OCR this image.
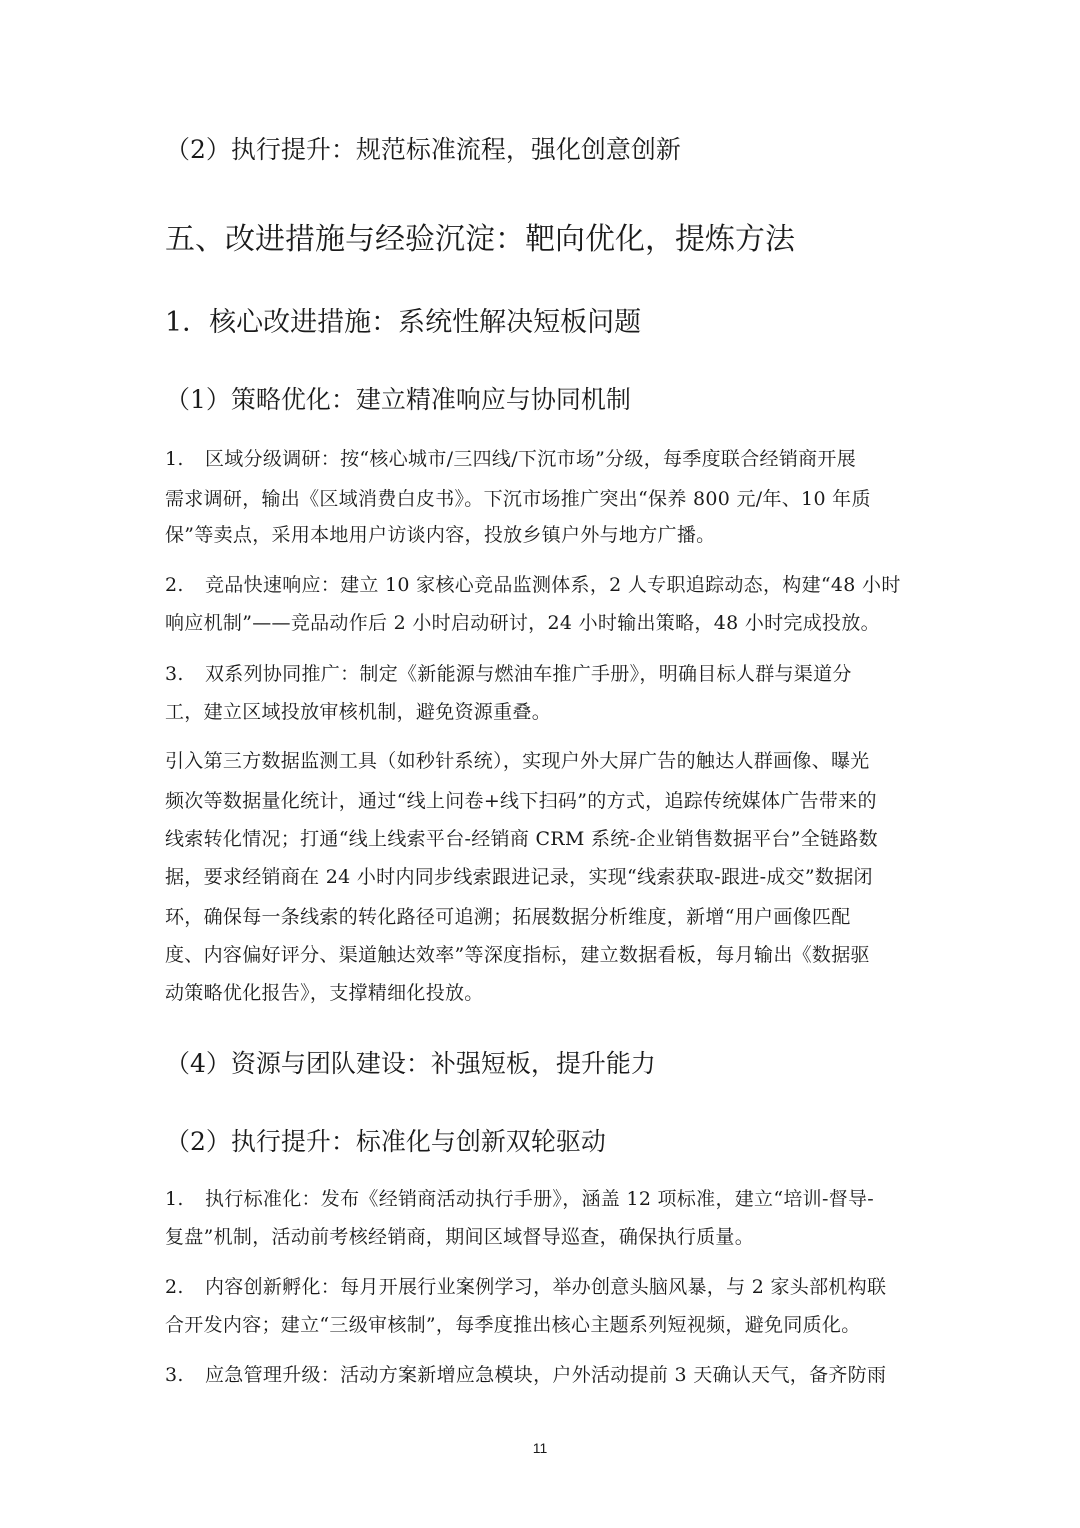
（2）执行提升：规范标准流程，强化创意创新

五、改进措施与经验沉淀：靶向优化，提炼方法

1．核心改进措施：系统性解决短板问题

（1）策略优化：建立精准响应与协同机制

1. 区域分级调研：按“核心城市/三四线/下沉市场”分级，每季度联合经销商开展

需求调研，输出《区域消费白皮书》。下沉市场推广突出“保养 800 元/年、10 年质

保”等卖点，采用本地用户访谈内容，投放乡镇户外与地方广播。

2. 竞品快速响应：建立 10 家核心竞品监测体系，2 人专职追踪动态，构建“48 小时

响应机制”——竞品动作后 2 小时启动研讨，24 小时输出策略，48 小时完成投放。

3. 双系列协同推广：制定《新能源与燃油车推广手册》，明确目标人群与渠道分

工，建立区域投放审核机制，避免资源重叠。

引入第三方数据监测工具（如秒针系统），实现户外大屏广告的触达人群画像、曝光

频次等数据量化统计，通过“线上问卷+线下扫码”的方式，追踪传统媒体广告带来的

线索转化情况；打通“线上线索平台-经销商 CRM 系统-企业销售数据平台”全链路数

据，要求经销商在 24 小时内同步线索跟进记录，实现“线索获取-跟进-成交”数据闭

环，确保每一条线索的转化路径可追溯；拓展数据分析维度，新增“用户画像匹配

度、内容偏好评分、渠道触达效率”等深度指标，建立数据看板，每月输出《数据驱

动策略优化报告》，支撑精细化投放。

（4）资源与团队建设：补强短板，提升能力

（2）执行提升：标准化与创新双轮驱动

1. 执行标准化：发布《经销商活动执行手册》，涵盖 12 项标准，建立“培训-督导-

复盘”机制，活动前考核经销商，期间区域督导巡查，确保执行质量。

2. 内容创新孵化：每月开展行业案例学习，举办创意头脑风暴，与 2 家头部机构联

合开发内容；建立“三级审核制”，每季度推出核心主题系列短视频，避免同质化。

3. 应急管理升级：活动方案新增应急模块，户外活动提前 3 天确认天气，备齐防雨

11
